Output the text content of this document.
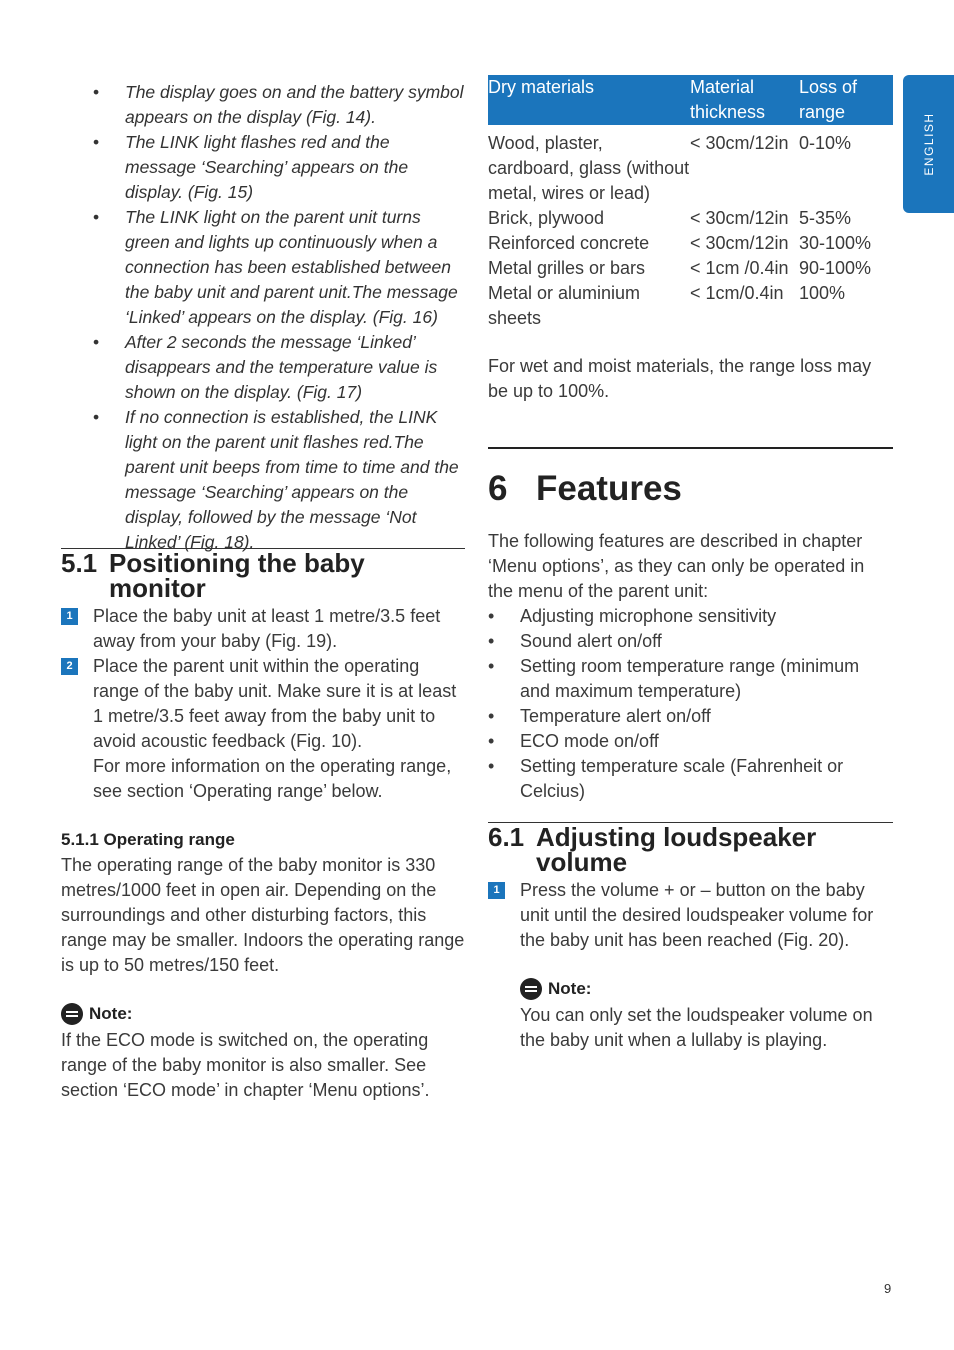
ENGLISH
• The display goes on and the battery symbol appears on the display (Fig. 14).
• The LINK light flashes red and the message ‘Searching’ appears on the display. (Fig. 15)
• The LINK light on the parent unit turns green and lights up continuously when a connection has been established between the baby unit and parent unit.The message ‘Linked’ appears on the display. (Fig. 16)
• After 2 seconds the message ‘Linked’ disappears and the temperature value is shown on the display. (Fig. 17)
• If no connection is established, the LINK light on the parent unit flashes red.The parent unit beeps from time to time and the message ‘Searching’ appears on the display, followed by the message ‘Not Linked’ (Fig. 18).
5.1 Positioning the baby
monitor
1	Place the baby unit at least 1 metre/3.5 feet away from your baby (Fig. 19).
2	Place the parent unit within the operating range of the baby unit. Make sure it is at least 1 metre/3.5 feet away from the baby unit to avoid acoustic feedback (Fig. 10).
For more information on the operating range, see section ‘Operating range’ below.
5.1.1 Operating range
The operating range of the baby monitor is 330 metres/1000 feet in open air. Depending on the surroundings and other disturbing factors, this range may be smaller. Indoors the operating range is up to 50 metres/150 feet.
Note:
If the ECO mode is switched on, the operating range of the baby monitor is also smaller. See section ‘ECO mode’ in chapter ‘Menu options’.
Dry materials	Material thickness	Loss of range
Wood, plaster, cardboard, glass (without metal, wires or lead)	< 30cm/12in	0-10%
Brick, plywood	< 30cm/12in	5-35%
Reinforced concrete	< 30cm/12in	30-100%
Metal grilles or bars	< 1cm /0.4in	90-100%
Metal or aluminium sheets	< 1cm/0.4in	100%
For wet and moist materials, the range loss may be up to 100%.
6 Features
The following features are described in chapter ‘Menu options’, as they can only be operated in the menu of the parent unit:
• Adjusting microphone sensitivity
• Sound alert on/off
• Setting room temperature range (minimum and maximum temperature)
• Temperature alert on/off
• ECO mode on/off
• Setting temperature scale (Fahrenheit or Celcius)
6.1 Adjusting loudspeaker
volume
1	Press the volume + or – button on the baby unit until the desired loudspeaker volume for the baby unit has been reached (Fig. 20).
Note:
You can only set the loudspeaker volume on the baby unit when a lullaby is playing.
9
